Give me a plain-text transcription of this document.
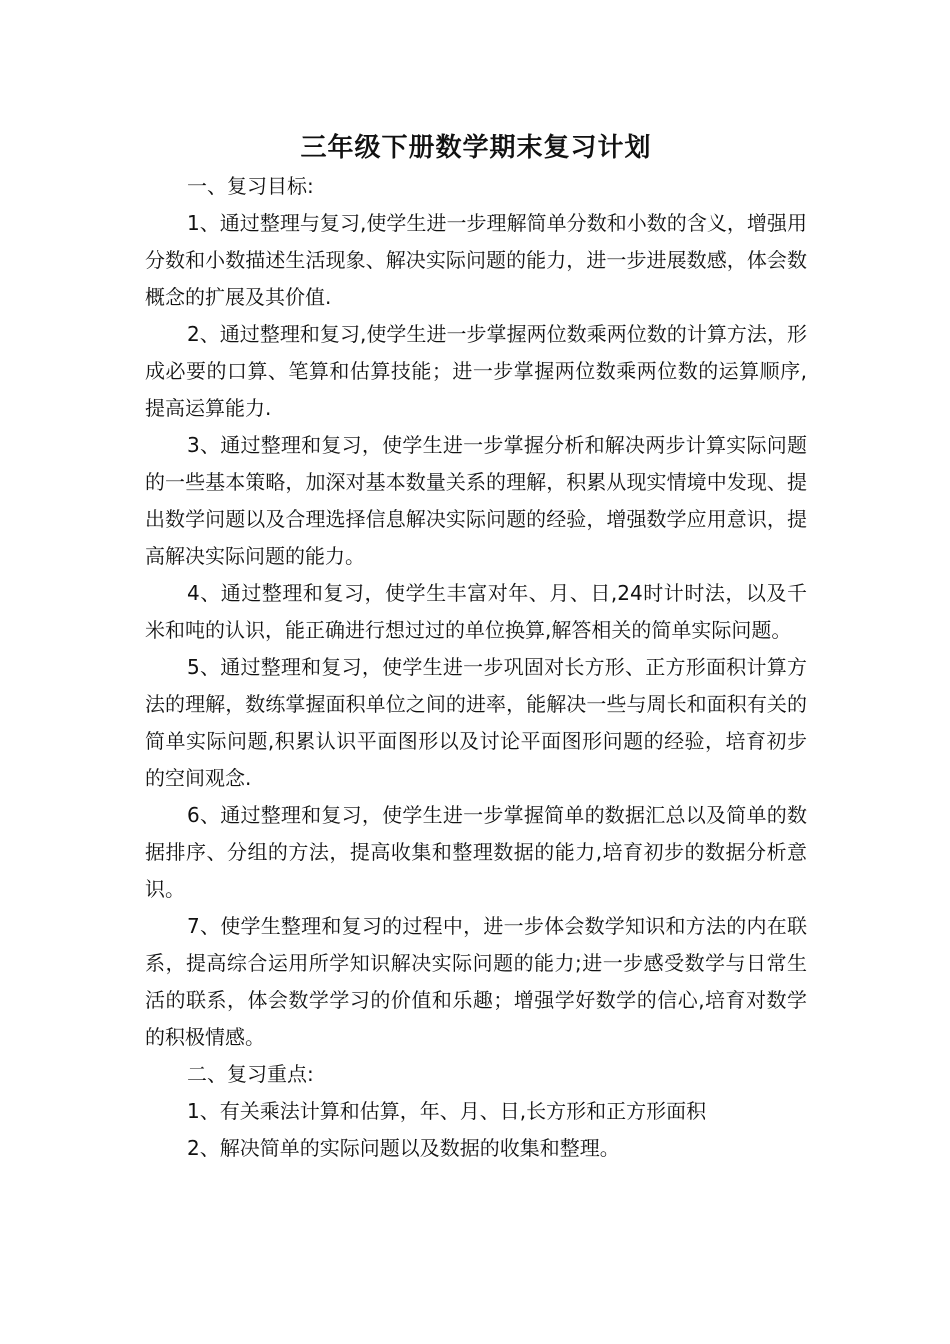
三年级下册数学期末复习计划

一、复习目标:

1、通过整理与复习,使学生进一步理解简单分数和小数的含义，增强用分数和小数描述生活现象、解决实际问题的能力，进一步进展数感，体会数概念的扩展及其价值.

2、通过整理和复习,使学生进一步掌握两位数乘两位数的计算方法，形成必要的口算、笔算和估算技能；进一步掌握两位数乘两位数的运算顺序,提高运算能力.

3、通过整理和复习，使学生进一步掌握分析和解决两步计算实际问题的一些基本策略，加深对基本数量关系的理解，积累从现实情境中发现、提出数学问题以及合理选择信息解决实际问题的经验，增强数学应用意识，提高解决实际问题的能力。

4、通过整理和复习，使学生丰富对年、月、日,24时计时法，以及千米和吨的认识，能正确进行想过过的单位换算,解答相关的简单实际问题。

5、通过整理和复习，使学生进一步巩固对长方形、正方形面积计算方法的理解，数练掌握面积单位之间的进率，能解决一些与周长和面积有关的简单实际问题,积累认识平面图形以及讨论平面图形问题的经验，培育初步的空间观念.

6、通过整理和复习，使学生进一步掌握简单的数据汇总以及简单的数据排序、分组的方法，提高收集和整理数据的能力,培育初步的数据分析意识。

7、使学生整理和复习的过程中，进一步体会数学知识和方法的内在联系，提高综合运用所学知识解决实际问题的能力;进一步感受数学与日常生活的联系，体会数学学习的价值和乐趣；增强学好数学的信心,培育对数学的积极情感。

二、复习重点:

1、有关乘法计算和估算，年、月、日,长方形和正方形面积

2、解决简单的实际问题以及数据的收集和整理。
